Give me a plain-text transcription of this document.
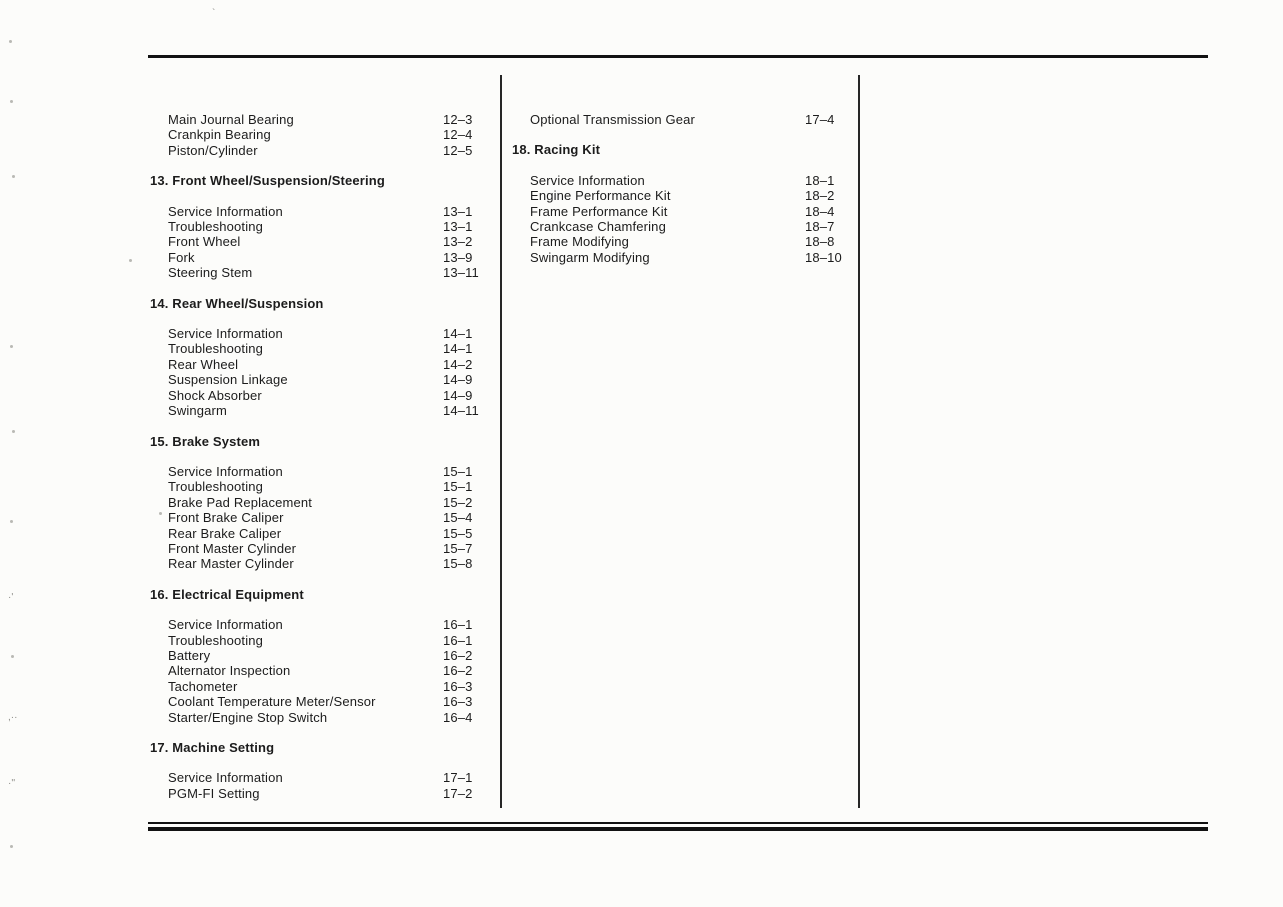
Main Journal Bearing	12–3
Crankpin Bearing	12–4
Piston/Cylinder	12–5
13. Front Wheel/Suspension/Steering
Service Information	13–1
Troubleshooting	13–1
Front Wheel	13–2
Fork	13–9
Steering Stem	13–11
14. Rear Wheel/Suspension
Service Information	14–1
Troubleshooting	14–1
Rear Wheel	14–2
Suspension Linkage	14–9
Shock Absorber	14–9
Swingarm	14–11
15. Brake System
Service Information	15–1
Troubleshooting	15–1
Brake Pad Replacement	15–2
Front Brake Caliper	15–4
Rear Brake Caliper	15–5
Front Master Cylinder	15–7
Rear Master Cylinder	15–8
16. Electrical Equipment
Service Information	16–1
Troubleshooting	16–1
Battery	16–2
Alternator Inspection	16–2
Tachometer	16–3
Coolant Temperature Meter/Sensor	16–3
Starter/Engine Stop Switch	16–4
17. Machine Setting
Service Information	17–1
PGM-FI Setting	17–2
Optional Transmission Gear	17–4
18. Racing Kit
Service Information	18–1
Engine Performance Kit	18–2
Frame Performance Kit	18–4
Crankcase Chamfering	18–7
Frame Modifying	18–8
Swingarm Modifying	18–10
`
·'
,··
·''
